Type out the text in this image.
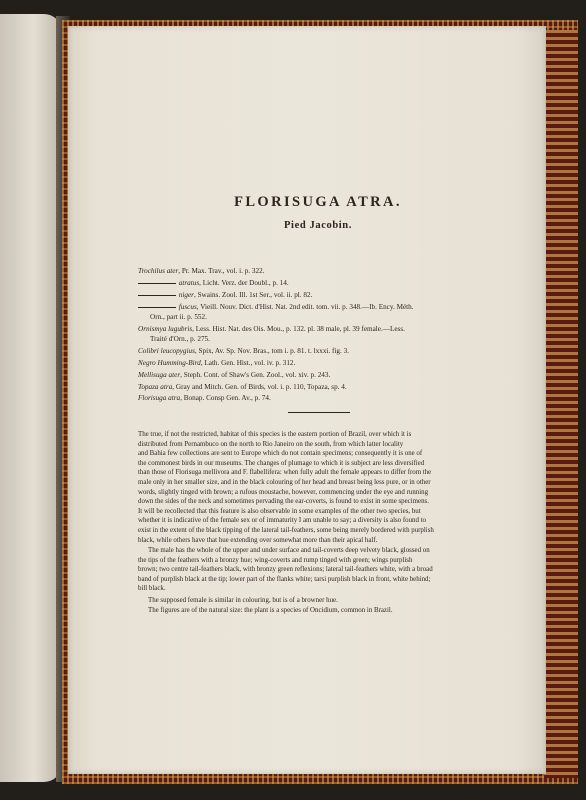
FLORISUGA ATRA.
Pied Jacobin.
Trochilus ater, Pr. Max. Trav., vol. i. p. 322.
atratus, Licht. Verz. der Doubl., p. 14.
niger, Swains. Zool. Ill. 1st Ser., vol. ii. pl. 82.
fuscus, Vieill. Nouv. Dict. d'Hist. Nat. 2nd edit. tom. vii. p. 348.—Ib. Ency. Méth.
Orn., part ii. p. 552.
Ornismya lugubris, Less. Hist. Nat. des Ois. Mou., p. 132. pl. 38 male, pl. 39 female.—Less.
Traité d'Orn., p. 275.
Colibri leucopygius, Spix, Av. Sp. Nov. Bras., tom i. p. 81. t. lxxxi. fig. 3.
Negro Humming-Bird, Lath. Gen. Hist., vol. iv. p. 312.
Mellisuga ater, Steph. Cont. of Shaw's Gen. Zool., vol. xiv. p. 243.
Topaza atra, Gray and Mitch. Gen. of Birds, vol. i. p. 110, Topaza, sp. 4.
Florisuga atra, Bonap. Consp Gen. Av., p. 74.
The true, if not the restricted, habitat of this species is the eastern portion of Brazil, over which it is
distributed from Pernambuco on the north to Rio Janeiro on the south, from which latter locality
and Bahia few collections are sent to Europe which do not contain specimens; consequently it is one of
the commonest birds in our museums. The changes of plumage to which it is subject are less diversified
than those of Florisuga mellivora and F. flabellifera: when fully adult the female appears to differ from the
male only in her smaller size, and in the black colouring of her head and breast being less pure, or in other
words, slightly tinged with brown; a rufous moustache, however, commencing under the eye and running
down the sides of the neck and sometimes pervading the ear-coverts, is found to exist in some specimens.
It will be recollected that this feature is also observable in some examples of the other two species, but
whether it is indicative of the female sex or of immaturity I am unable to say; a diversity is also found to
exist in the extent of the black tipping of the lateral tail-feathers, some being merely bordered with purplish
black, while others have that hue extending over somewhat more than their apical half.
The male has the whole of the upper and under surface and tail-coverts deep velvety black, glossed on
the tips of the feathers with a bronzy hue; wing-coverts and rump tinged with green; wings purplish
brown; two centre tail-feathers black, with bronzy green reflexions; lateral tail-feathers white, with a broad
band of purplish black at the tip; lower part of the flanks white; tarsi purplish black in front, white behind;
bill black.
The supposed female is similar in colouring, but is of a browner hue.
The figures are of the natural size: the plant is a species of Oncidium, common in Brazil.
